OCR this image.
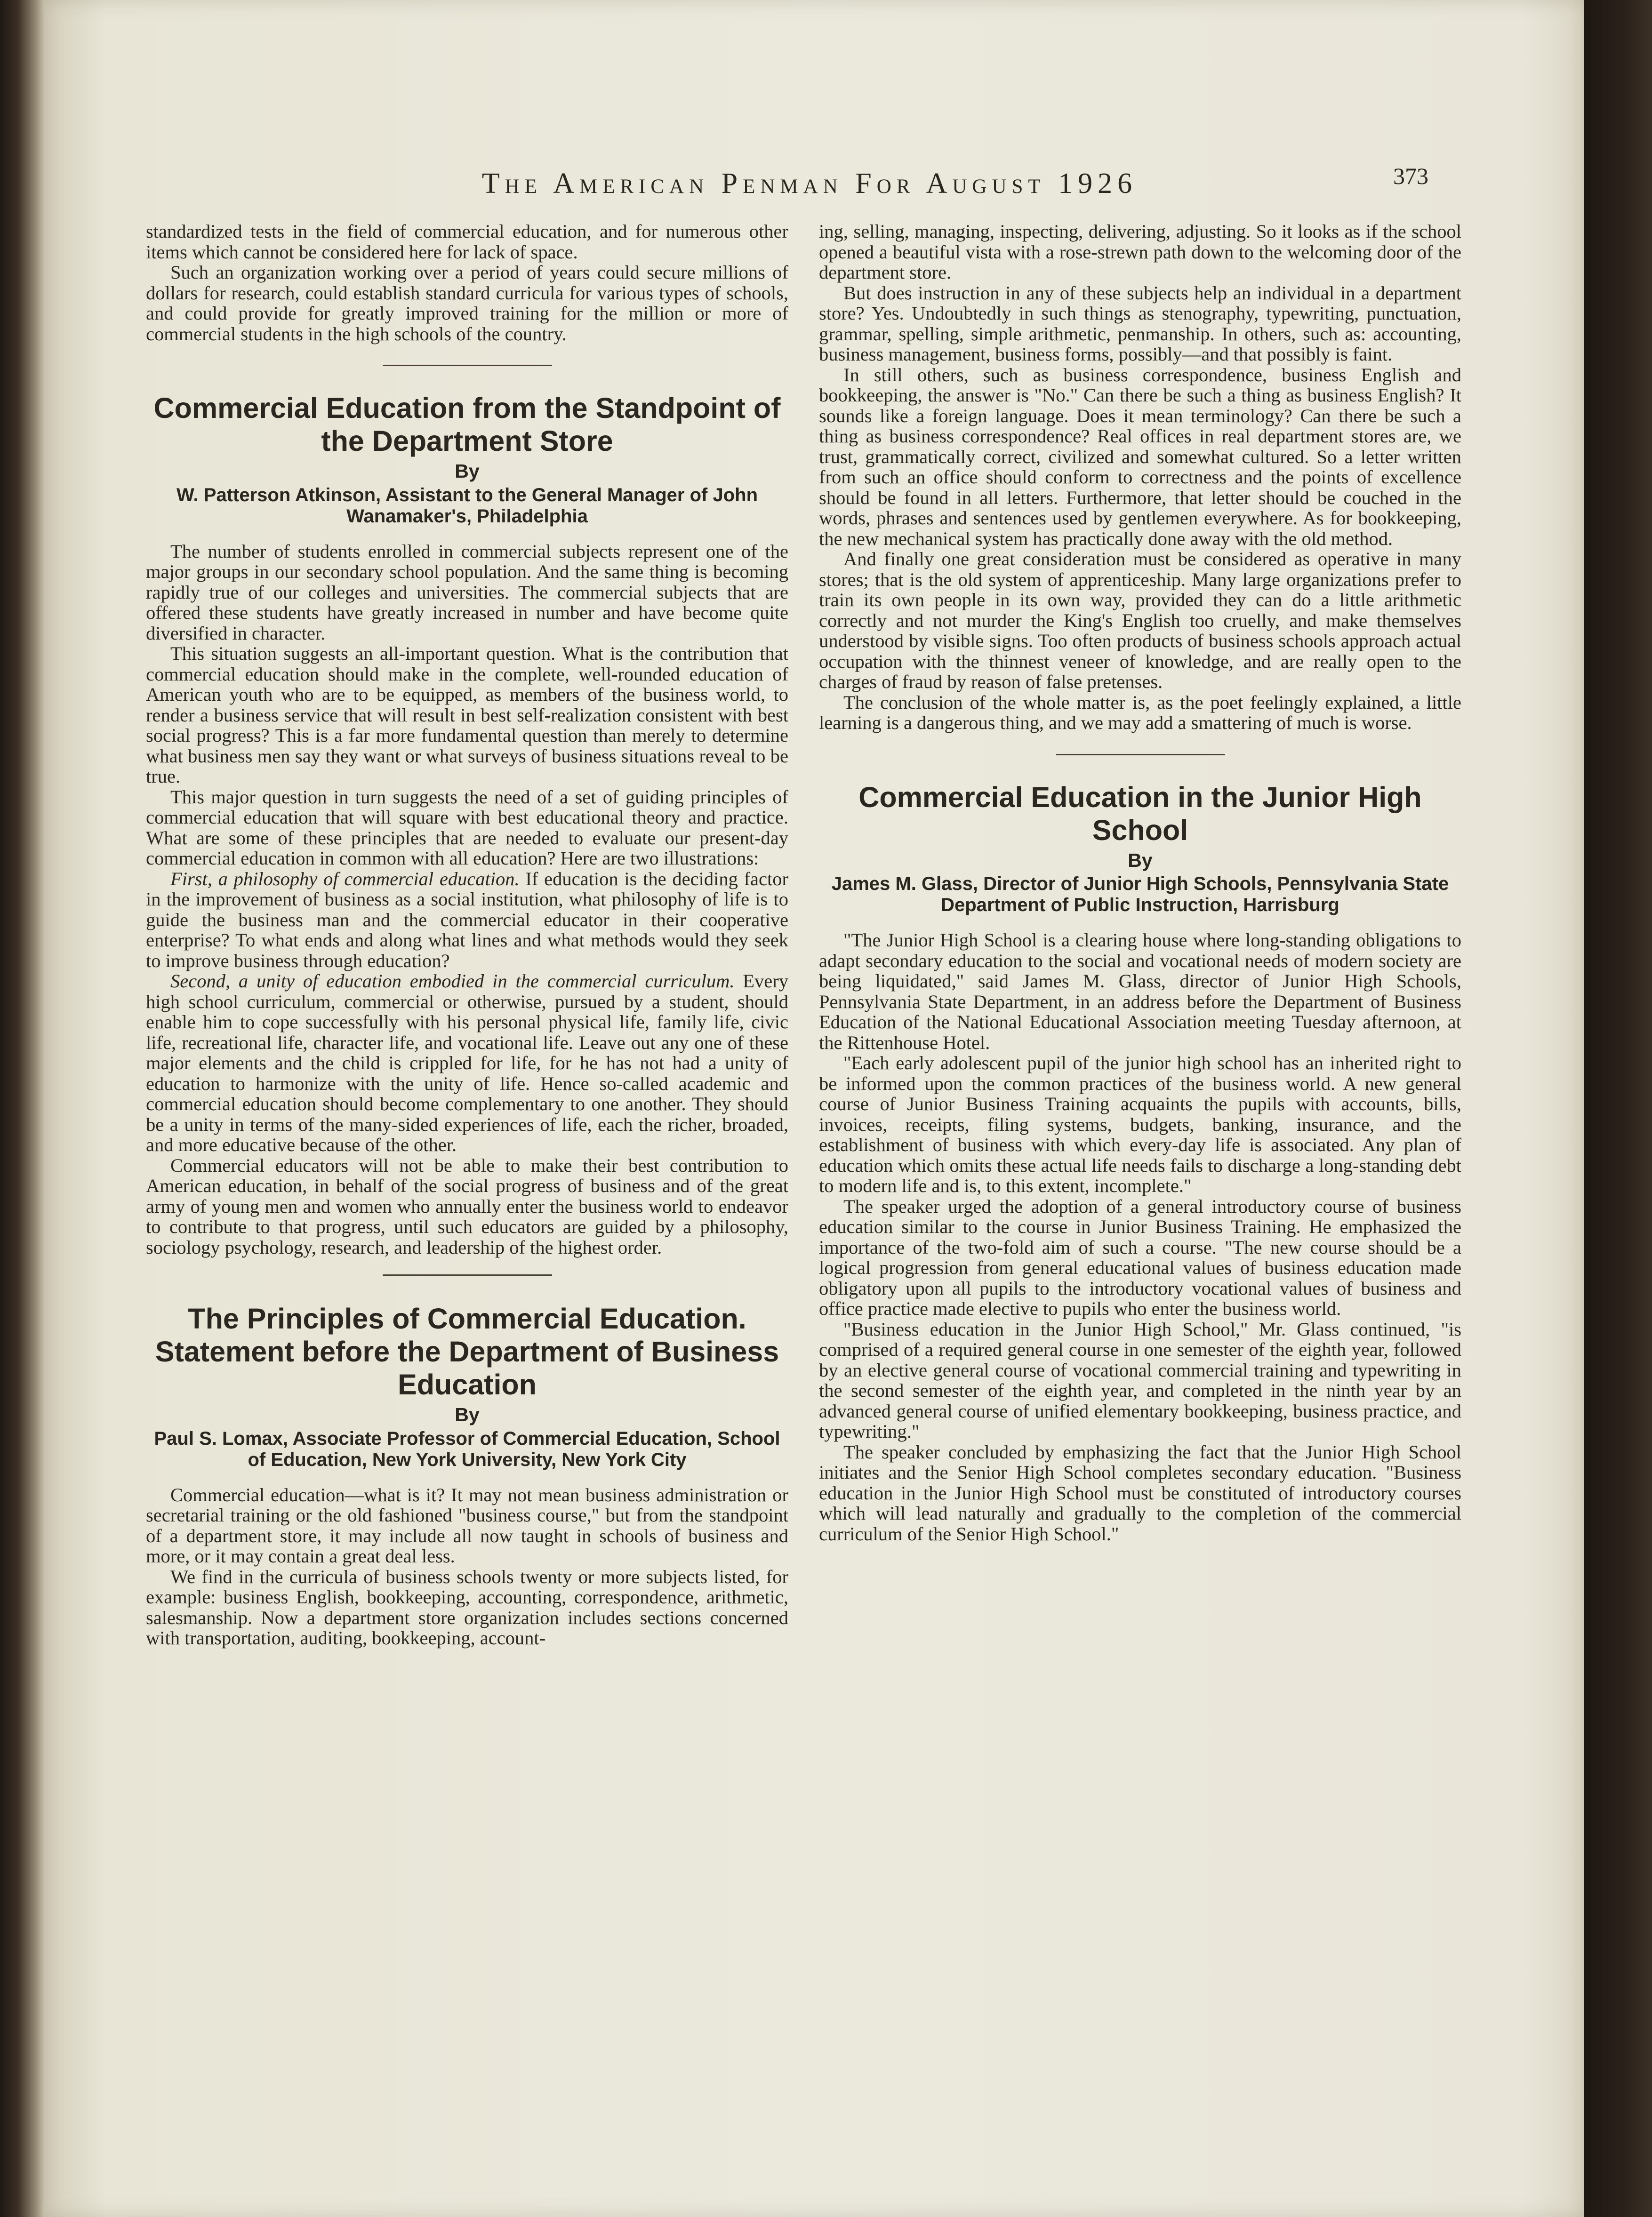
The American Penman For August 1926	373

standardized tests in the field of commercial education, and for numerous other items which cannot be considered here for lack of space.

Such an organization working over a period of years could secure millions of dollars for research, could establish standard curricula for various types of schools, and could provide for greatly improved training for the million or more of commercial students in the high schools of the country.

Commercial Education from the Standpoint of the Department Store
By
W. Patterson Atkinson, Assistant to the General Manager of John Wanamaker's, Philadelphia

The number of students enrolled in commercial subjects represent one of the major groups in our secondary school population. And the same thing is becoming rapidly true of our colleges and universities. The commercial subjects that are offered these students have greatly increased in number and have become quite diversified in character.

This situation suggests an all-important question. What is the contribution that commercial education should make in the complete, well-rounded education of American youth who are to be equipped, as members of the business world, to render a business service that will result in best self-realization consistent with best social progress? This is a far more fundamental question than merely to determine what business men say they want or what surveys of business situations reveal to be true.

This major question in turn suggests the need of a set of guiding principles of commercial education that will square with best educational theory and practice. What are some of these principles that are needed to evaluate our present-day commercial education in common with all education? Here are two illustrations:

First, a philosophy of commercial education. If education is the deciding factor in the improvement of business as a social institution, what philosophy of life is to guide the business man and the commercial educator in their cooperative enterprise? To what ends and along what lines and what methods would they seek to improve business through education?

Second, a unity of education embodied in the commercial curriculum. Every high school curriculum, commercial or otherwise, pursued by a student, should enable him to cope successfully with his personal physical life, family life, civic life, recreational life, character life, and vocational life. Leave out any one of these major elements and the child is crippled for life, for he has not had a unity of education to harmonize with the unity of life. Hence so-called academic and commercial education should become complementary to one another. They should be a unity in terms of the many-sided experiences of life, each the richer, broaded, and more educative because of the other.

Commercial educators will not be able to make their best contribution to American education, in behalf of the social progress of business and of the great army of young men and women who annually enter the business world to endeavor to contribute to that progress, until such educators are guided by a philosophy, sociology psychology, research, and leadership of the highest order.

The Principles of Commercial Education. Statement before the Department of Business Education
By
Paul S. Lomax, Associate Professor of Commercial Education, School of Education, New York University, New York City

Commercial education—what is it? It may not mean business administration or secretarial training or the old fashioned "business course," but from the standpoint of a department store, it may include all now taught in schools of business and more, or it may contain a great deal less.

We find in the curricula of business schools twenty or more subjects listed, for example: business English, bookkeeping, accounting, correspondence, arithmetic, salesmanship. Now a department store organization includes sections concerned with transportation, auditing, bookkeeping, account-

ing, selling, managing, inspecting, delivering, adjusting. So it looks as if the school opened a beautiful vista with a rose-strewn path down to the welcoming door of the department store.

But does instruction in any of these subjects help an individual in a department store? Yes. Undoubtedly in such things as stenography, typewriting, punctuation, grammar, spelling, simple arithmetic, penmanship. In others, such as: accounting, business management, business forms, possibly—and that possibly is faint.

In still others, such as business correspondence, business English and bookkeeping, the answer is "No." Can there be such a thing as business English? It sounds like a foreign language. Does it mean terminology? Can there be such a thing as business correspondence? Real offices in real department stores are, we trust, grammatically correct, civilized and somewhat cultured. So a letter written from such an office should conform to correctness and the points of excellence should be found in all letters. Furthermore, that letter should be couched in the words, phrases and sentences used by gentlemen everywhere. As for bookkeeping, the new mechanical system has practically done away with the old method.

And finally one great consideration must be considered as operative in many stores; that is the old system of apprenticeship. Many large organizations prefer to train its own people in its own way, provided they can do a little arithmetic correctly and not murder the King's English too cruelly, and make themselves understood by visible signs. Too often products of business schools approach actual occupation with the thinnest veneer of knowledge, and are really open to the charges of fraud by reason of false pretenses.

The conclusion of the whole matter is, as the poet feelingly explained, a little learning is a dangerous thing, and we may add a smattering of much is worse.

Commercial Education in the Junior High School
By
James M. Glass, Director of Junior High Schools, Pennsylvania State Department of Public Instruction, Harrisburg

"The Junior High School is a clearing house where long-standing obligations to adapt secondary education to the social and vocational needs of modern society are being liquidated," said James M. Glass, director of Junior High Schools, Pennsylvania State Department, in an address before the Department of Business Education of the National Educational Association meeting Tuesday afternoon, at the Rittenhouse Hotel.

"Each early adolescent pupil of the junior high school has an inherited right to be informed upon the common practices of the business world. A new general course of Junior Business Training acquaints the pupils with accounts, bills, invoices, receipts, filing systems, budgets, banking, insurance, and the establishment of business with which every-day life is associated. Any plan of education which omits these actual life needs fails to discharge a long-standing debt to modern life and is, to this extent, incomplete."

The speaker urged the adoption of a general introductory course of business education similar to the course in Junior Business Training. He emphasized the importance of the two-fold aim of such a course. "The new course should be a logical progression from general educational values of business education made obligatory upon all pupils to the introductory vocational values of business and office practice made elective to pupils who enter the business world.

"Business education in the Junior High School," Mr. Glass continued, "is comprised of a required general course in one semester of the eighth year, followed by an elective general course of vocational commercial training and typewriting in the second semester of the eighth year, and completed in the ninth year by an advanced general course of unified elementary bookkeeping, business practice, and typewriting."

The speaker concluded by emphasizing the fact that the Junior High School initiates and the Senior High School completes secondary education. "Business education in the Junior High School must be constituted of introductory courses which will lead naturally and gradually to the completion of the commercial curriculum of the Senior High School."
